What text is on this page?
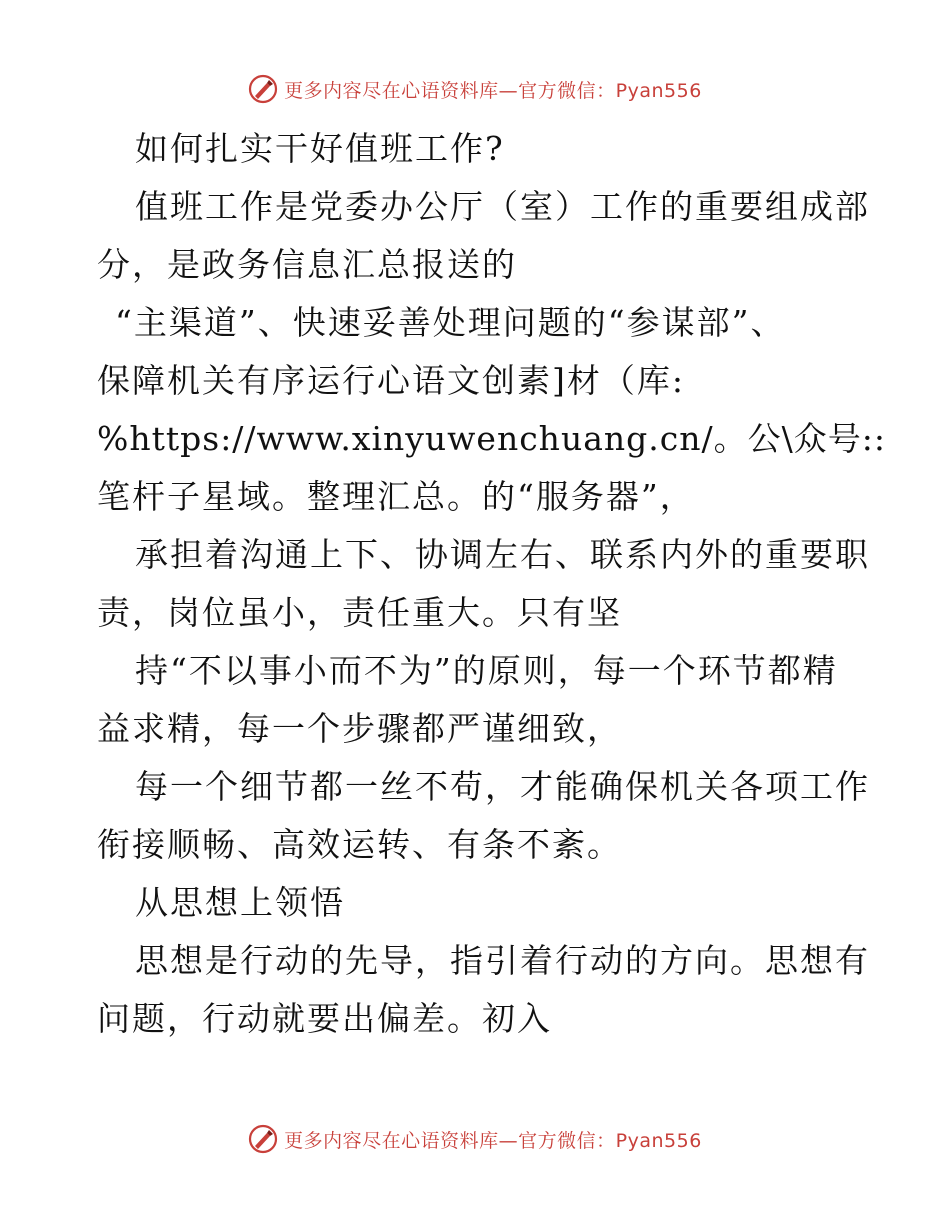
更多内容尽在心语资料库—官方微信：Pyan556
如何扎实干好值班工作?
值班工作是党委办公厅（室）工作的重要组成部
分，是政务信息汇总报送的
“主渠道”、快速妥善处理问题的“参谋部”、
保障机关有序运行心语文创素]材（库:
%https://www.xinyuwenchuang.cn/。公\众号::
笔杆子星域。整理汇总。的“服务器”，
承担着沟通上下、协调左右、联系内外的重要职
责，岗位虽小，责任重大。只有坚
持“不以事小而不为”的原则，每一个环节都精
益求精，每一个步骤都严谨细致，
每一个细节都一丝不苟，才能确保机关各项工作
衔接顺畅、高效运转、有条不紊。
从思想上领悟
思想是行动的先导，指引着行动的方向。思想有
问题，行动就要出偏差。初入
更多内容尽在心语资料库—官方微信：Pyan556
